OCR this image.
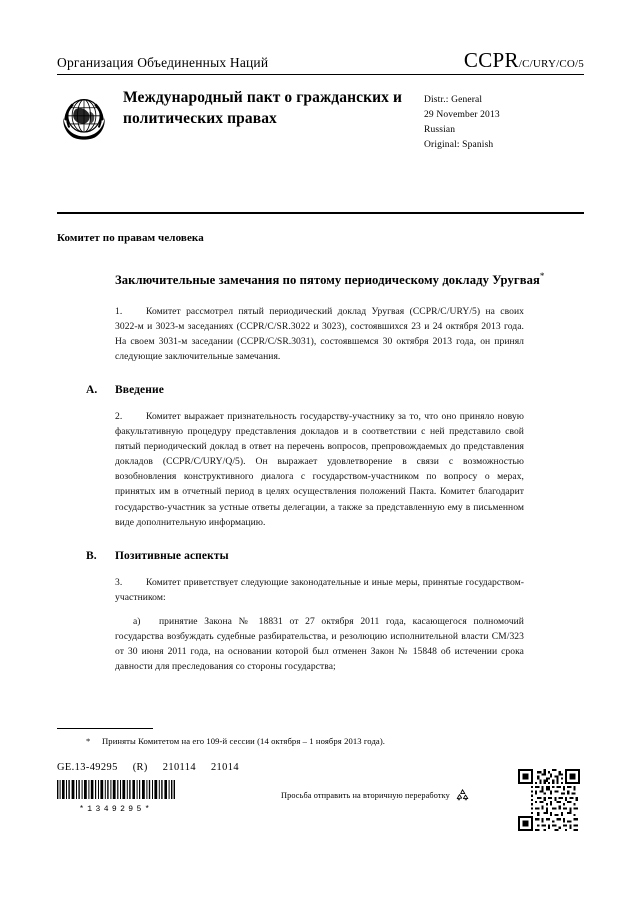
Организация Объединенных Наций	CCPR/C/URY/CO/5
Международный пакт о гражданских и политических правах
Distr.: General
29 November 2013
Russian
Original: Spanish
Комитет по правам человека
Заключительные замечания по пятому периодическому докладу Уругвая*

1. Комитет рассмотрел пятый периодический доклад Уругвая (CCPR/C/URY/5) на своих 3022-м и 3023-м заседаниях (CCPR/C/SR.3022 и 3023), состоявшихся 23 и 24 октября 2013 года. На своем 3031-м заседании (CCPR/C/SR.3031), состоявшемся 30 октября 2013 года, он принял следующие заключительные замечания.

A.	Введение

2. Комитет выражает признательность государству-участнику за то, что оно приняло новую факультативную процедуру представления докладов и в соответствии с ней представило свой пятый периодический доклад в ответ на перечень вопросов, препровождаемых до представления докладов (CCPR/C/URY/Q/5). Он выражает удовлетворение в связи с возможностью возобновления конструктивного диалога с государством-участником по вопросу о мерах, принятых им в отчетный период в целях осуществления положений Пакта. Комитет благодарит государство-участник за устные ответы делегации, а также за представленную ему в письменном виде дополнительную информацию.

B.	Позитивные аспекты

3. Комитет приветствует следующие законодательные и иные меры, принятые государством-участником:

a) принятие Закона № 18831 от 27 октября 2011 года, касающегося полномочий государства возбуждать судебные разбирательства, и резолюцию исполнительной власти CM/323 от 30 июня 2011 года, на основании которой был отменен Закон № 15848 об истечении срока давности для преследования со стороны государства;

* Приняты Комитетом на его 109-й сессии (14 октября – 1 ноября 2013 года).
GE.13-49295 (R) 210114 21014
*1349295*
Просьба отправить на вторичную переработку
